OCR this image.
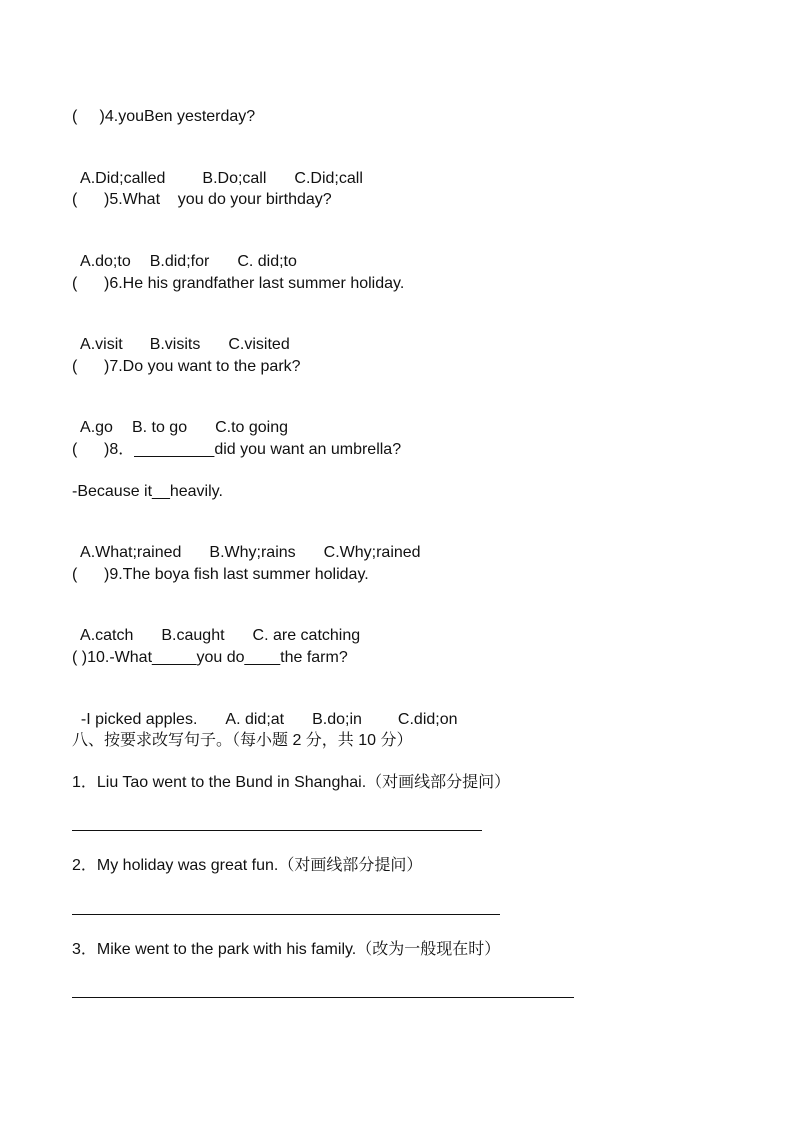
(     )4.youBen yesterday?

A.Did;called B.Do;call C.Did;call

(      )5.What    you do your birthday?

A.do;to B.did;for C. did;to

(      )6.He his grandfather last summer holiday.

A.visit B.visits C.visited

(      )7.Do you want to the park?

A.go B. to go C.to going

(      )8．_________did you want an umbrella?
-Because it__heavily.

A.What;rained B.Why;rains C.Why;rained

(      )9.The boya fish last summer holiday.

A.catch B.caught C. are catching

( )10.-What_____you do____the farm?

-I picked apples. A. did;at B.do;in C.did;on

八、按要求改写句子。（每小题 2 分，共 10 分）
1．Liu Tao went to the Bund in Shanghai.（对画线部分提问）
2．My holiday was great fun.（对画线部分提问）
3．Mike went to the park with his family.（改为一般现在时）
